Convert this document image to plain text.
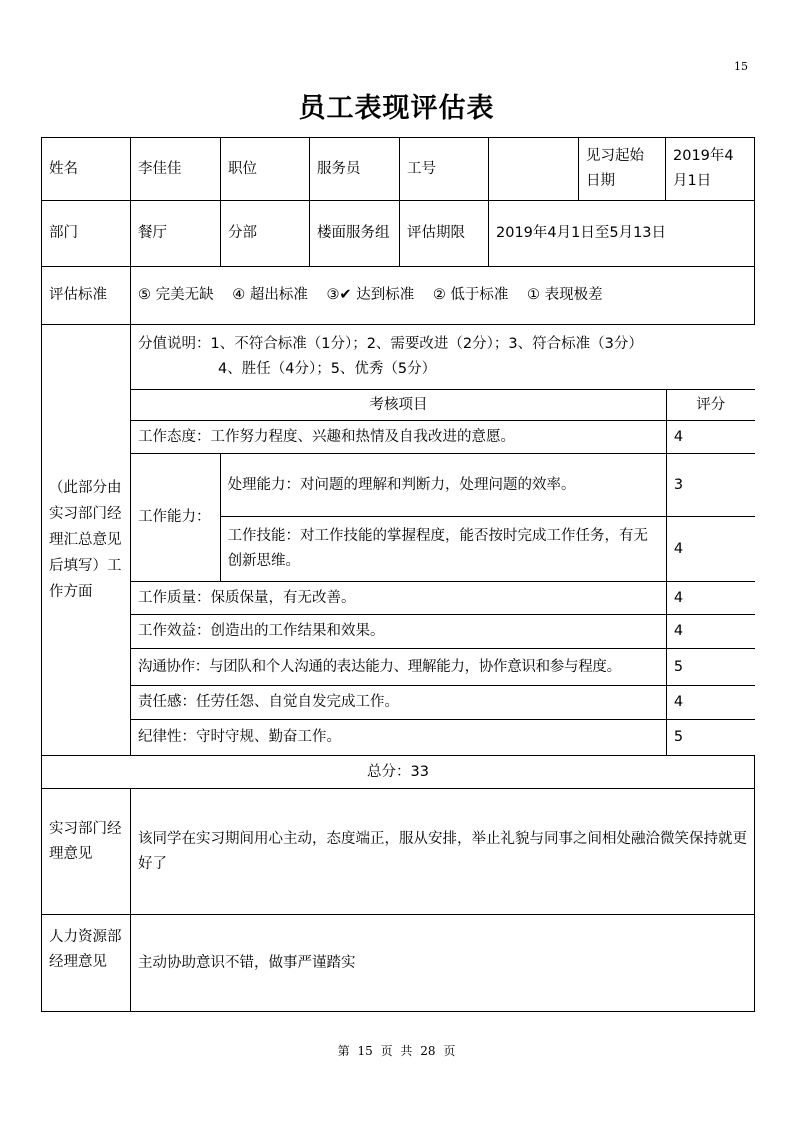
15
员工表现评估表
姓名	李佳佳	职位	服务员	工号		见习起始日期	2019年4月1日
部门	餐厅	分部	楼面服务组	评估期限	2019年4月1日至5月13日
评估标准	⑤ 完美无缺 ④ 超出标准 ③✔ 达到标准 ② 低于标准 ① 表现极差
（此部分由实习部门经理汇总意见后填写）工作方面	
分值说明：1、不符合标准（1分）；2、需要改进（2分）；3、符合标准（3分）
4、胜任（4分）；5、优秀（5分）

考核项目	评分
工作态度：工作努力程度、兴趣和热情及自我改进的意愿。	4
工作能力：	处理能力：对问题的理解和判断力，处理问题的效率。	3
工作技能：对工作技能的掌握程度，能否按时完成工作任务，有无创新思维。	4
工作质量：保质保量，有无改善。	4
工作效益：创造出的工作结果和效果。	4
沟通协作：与团队和个人沟通的表达能力、理解能力，协作意识和参与程度。	5
责任感：任劳任怨、自觉自发完成工作。	4
纪律性：守时守规、勤奋工作。	5

总分：33
实习部门经理意见	该同学在实习期间用心主动，态度端正，服从安排，举止礼貌与同事之间相处融洽微笑保持就更好了
人力资源部经理意见	主动协助意识不错，做事严谨踏实
第 15 页 共 28 页
